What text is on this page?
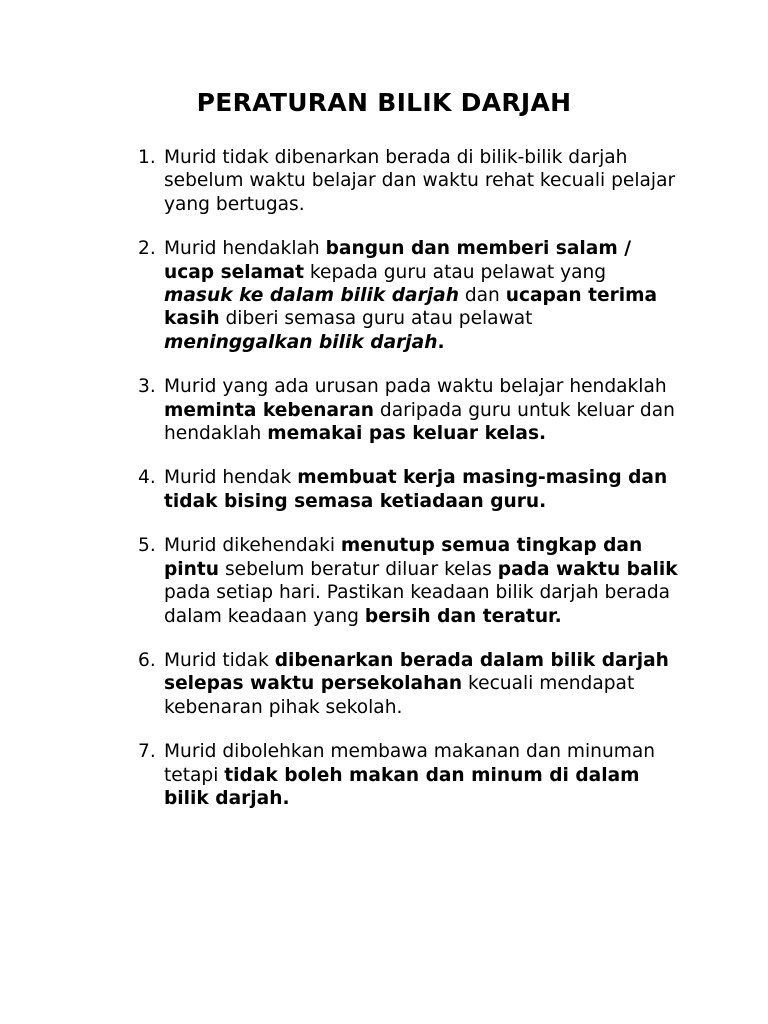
PERATURAN BILIK DARJAH
1. Murid tidak dibenarkan berada di bilik-bilik darjah sebelum waktu belajar dan waktu rehat kecuali pelajar yang bertugas.
2. Murid hendaklah bangun dan memberi salam / ucap selamat kepada guru atau pelawat yang masuk ke dalam bilik darjah dan ucapan terima kasih diberi semasa guru atau pelawat meninggalkan bilik darjah.
3. Murid yang ada urusan pada waktu belajar hendaklah meminta kebenaran daripada guru untuk keluar dan hendaklah memakai pas keluar kelas.
4. Murid hendak membuat kerja masing-masing dan tidak bising semasa ketiadaan guru.
5. Murid dikehendaki menutup semua tingkap dan pintu sebelum beratur diluar kelas pada waktu balik pada setiap hari. Pastikan keadaan bilik darjah berada dalam keadaan yang bersih dan teratur.
6. Murid tidak dibenarkan berada dalam bilik darjah selepas waktu persekolahan kecuali mendapat kebenaran pihak sekolah.
7. Murid dibolehkan membawa makanan dan minuman tetapi tidak boleh makan dan minum di dalam bilik darjah.
